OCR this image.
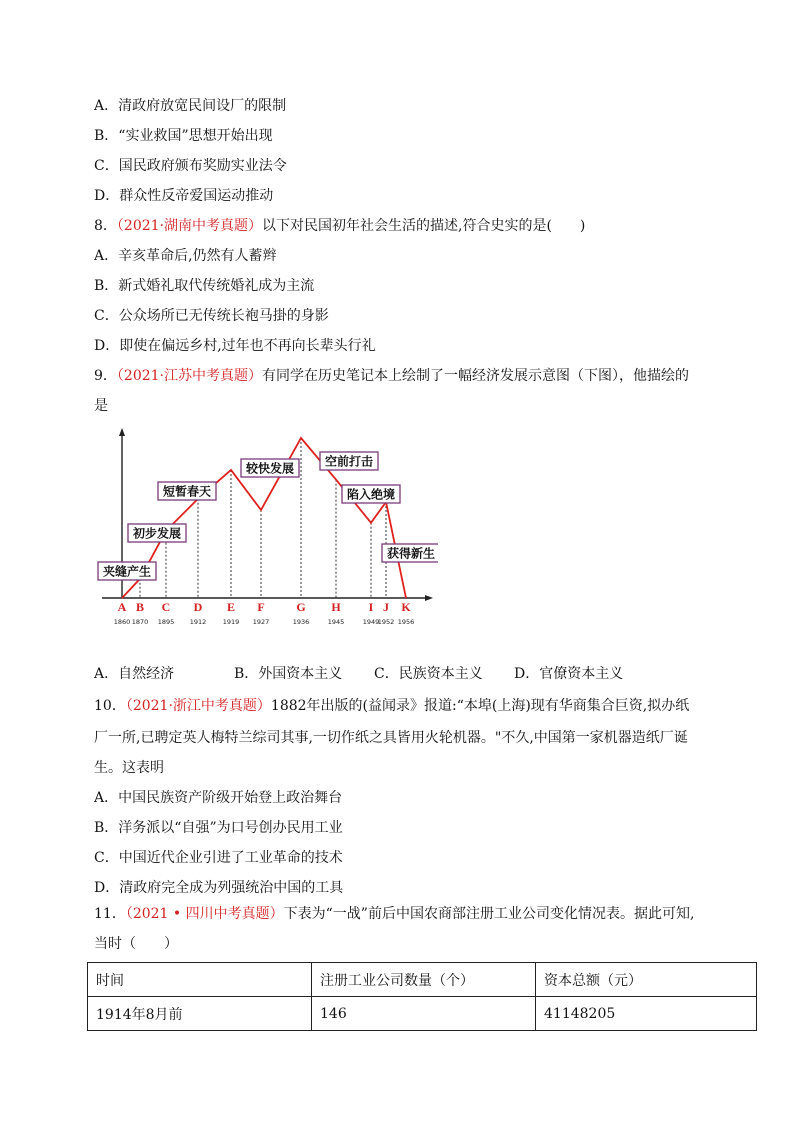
A．清政府放宽民间设厂的限制
B．“实业救国”思想开始出现
C．国民政府颁布奖励实业法令
D．群众性反帝爱国运动推动
8．（2021·湖南中考真题）以下对民国初年社会生活的描述,符合史实的是(　　)
A．辛亥革命后,仍然有人蓄辫
B．新式婚礼取代传统婚礼成为主流
C．公众场所已无传统长袍马掛的身影
D．即使在偏远乡村,过年也不再向长辈头行礼
9．（2021·江苏中考真题）有同学在历史笔记本上绘制了一幅经济发展示意图（下图），他描绘的
是
A
1860
B
1870
C
1895
D
1912
E
1919
F
1927
G
1936
H
1945
I
1949
J
1952
K
1956
夹缝产生
初步发展
短暂春天
较快发展	空前打击
陷入绝境
获得新生
A．自然经济	B．外国资本主义 C．民族资本主义 D．官僚资本主义
10．（2021·浙江中考真题）1882年出版的(益闻录》报道:“本埠(上海)现有华商集合巨资,拟办纸
厂一所,已聘定英人梅特兰综司其事,一切作纸之具皆用火轮机器。"不久,中国第一家机器造纸厂诞
生。这表明
A．中国民族资产阶级开始登上政治舞台
B．洋务派以“自强”为口号创办民用工业
C．中国近代企业引进了工业革命的技术
D．清政府完全成为列强统治中国的工具
11．（2021 • 四川中考真题）下表为“一战”前后中国农商部注册工业公司变化情况表。据此可知,
当时（　　）
时间	注册工业公司数量（个）	资本总额（元）
1914年8月前	146	41148205
